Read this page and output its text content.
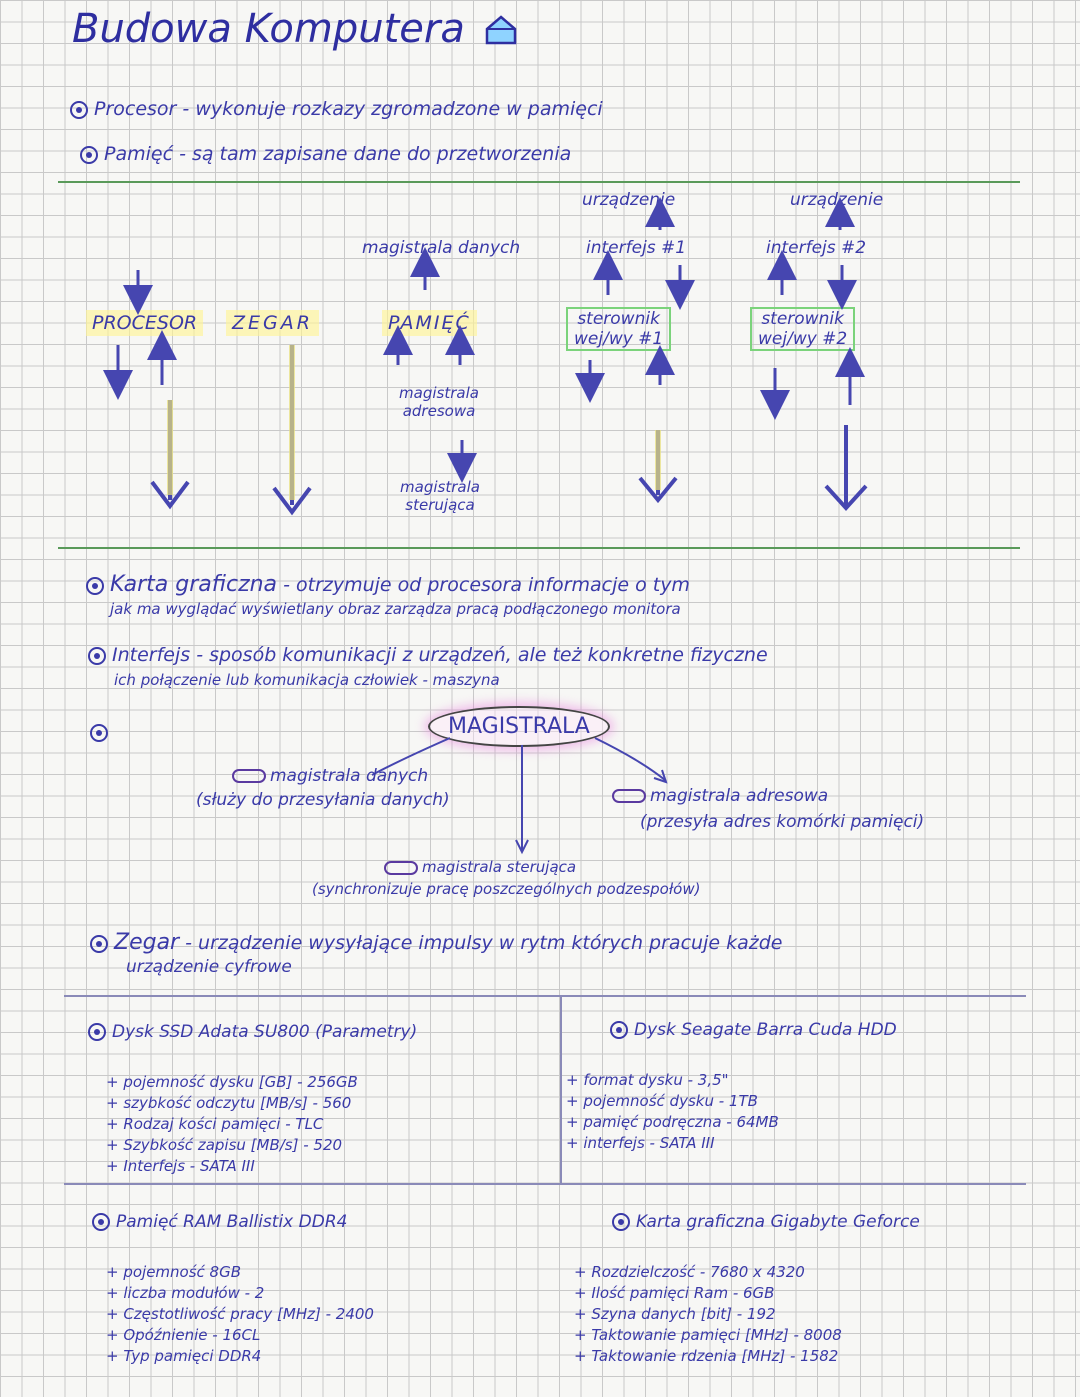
Budowa Komputera
Procesor - wykonuje rozkazy zgromadzone w pamięci
Pamięć - są tam zapisane dane do przetworzenia
urządzenie	urządzenie
magistrala danych	interfejs #1	interfejs #2
PROCESOR	ZEGAR	PAMIĘĆ	sterownik
wej/wy #1
sterownik
wej/wy #2
magistrala adresowa
magistrala sterująca
Karta graficzna - otrzymuje od procesora informacje o tym
jak ma wyglądać wyświetlany obraz zarządza pracą podłączonego monitora
Interfejs - sposób komunikacji z urządzeń, ale też konkretne fizyczne
ich połączenie lub komunikacja człowiek - maszyna
MAGISTRALA
magistrala danych
(służy do przesyłania danych)	magistrala adresowa
(przesyła adres komórki pamięci)
magistrala sterująca
(synchronizuje pracę poszczególnych podzespołów)
Zegar - urządzenie wysyłające impulsy w rytm których pracuje każde
urządzenie cyfrowe
Dysk SSD Adata SU800 (Parametry)
+ pojemność dysku [GB] - 256GB
+ szybkość odczytu [MB/s] - 560
+ Rodzaj kości pamięci - TLC
+ Szybkość zapisu [MB/s] - 520
+ Interfejs - SATA III
Dysk Seagate Barra Cuda HDD
+ format dysku - 3,5"
+ pojemność dysku - 1TB
+ pamięć podręczna - 64MB
+ interfejs - SATA III
Pamięć RAM Ballistix DDR4
+ pojemność 8GB
+ liczba modułów - 2
+ Częstotliwość pracy [MHz] - 2400
+ Opóźnienie - 16CL
+ Typ pamięci DDR4
Karta graficzna Gigabyte Geforce
+ Rozdzielczość - 7680 x 4320
+ Ilość pamięci Ram - 6GB
+ Szyna danych [bit] - 192
+ Taktowanie pamięci [MHz] - 8008
+ Taktowanie rdzenia [MHz] - 1582
